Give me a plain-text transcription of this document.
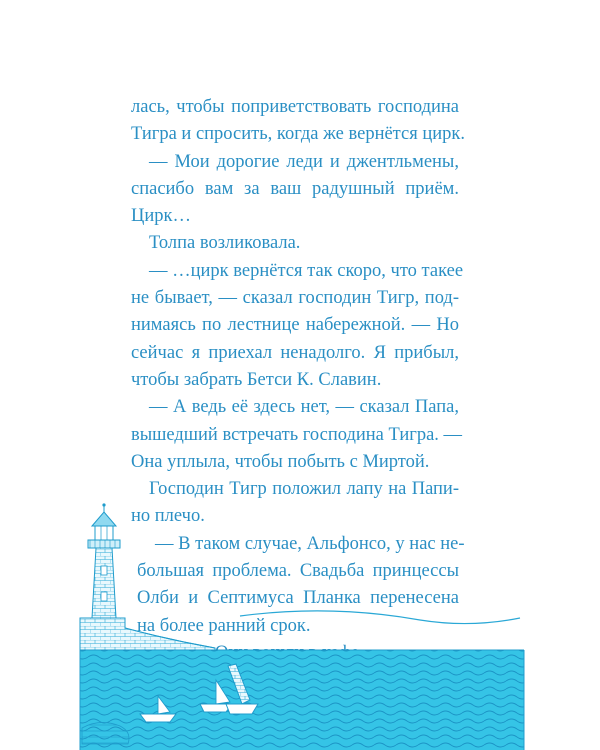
лась, чтобы поприветствовать господина
Тигра и спросить, когда же вернётся цирк.
— Мои дорогие леди и джентльмены,
спасибо вам за ваш радушный приём.
Цирк…
Толпа возликовала.
— …цирк вернётся так скоро, что такее
не бывает, — сказал господин Тигр, под-
нимаясь по лестнице набережной. — Но
сейчас я приехал ненадолго. Я прибыл,
чтобы забрать Бетси К. Славин.
— А ведь её здесь нет, — сказал Папа,
вышедший встречать господина Тигра. —
Она уплыла, чтобы побыть с Миртой.
Господин Тигр положил лапу на Папи-
но плечо.
— В таком случае, Альфонсо, у нас не-
большая проблема. Свадьба принцессы
Олби и Септимуса Планка перенесена
на более ранний срок.
